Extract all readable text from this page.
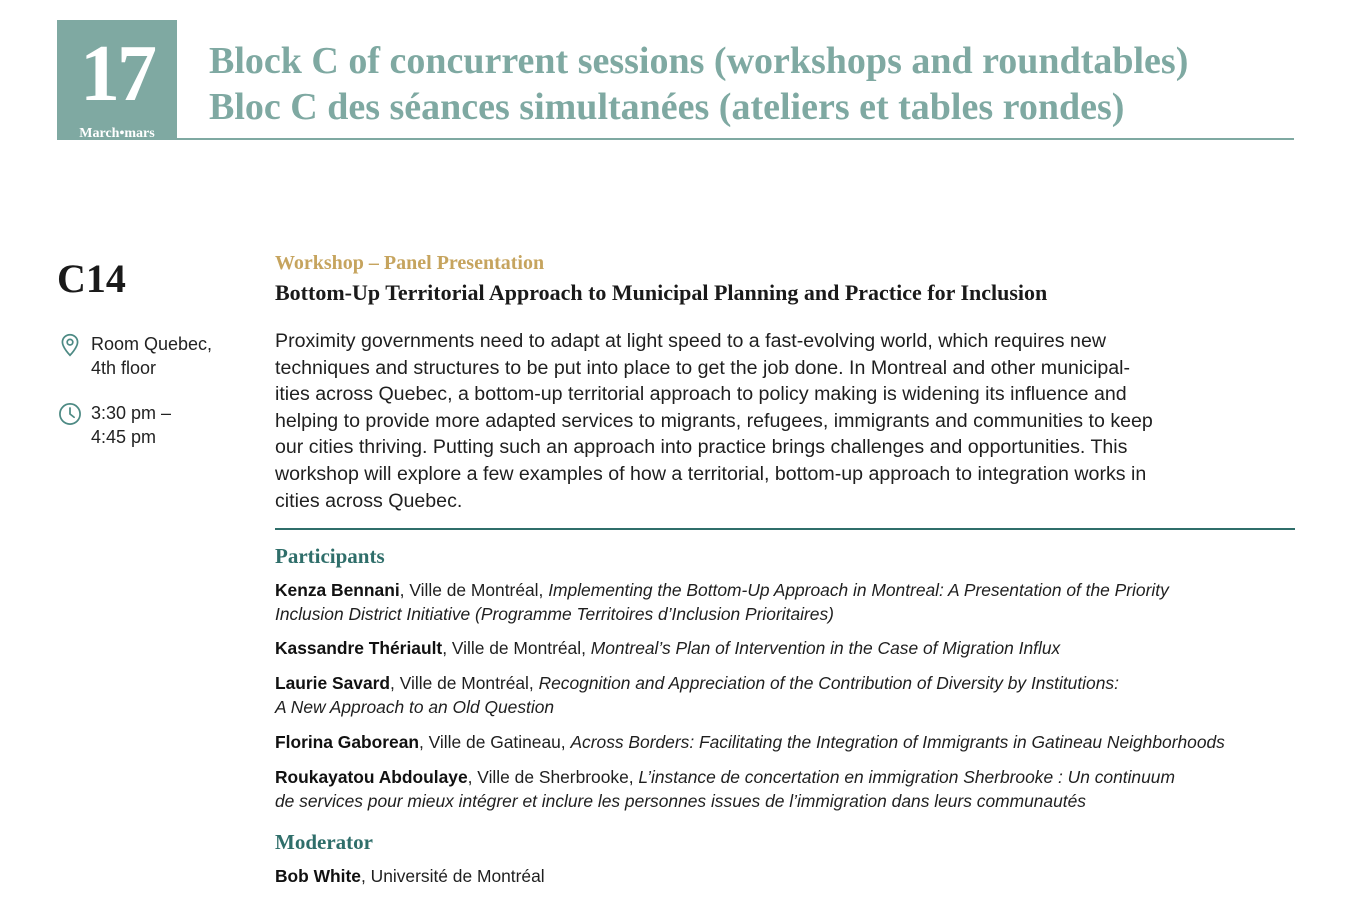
17
March•mars
Block C of concurrent sessions (workshops and roundtables)
Bloc C des séances simultanées (ateliers et tables rondes)
C14
Room Quebec,
4th floor
3:30 pm –
4:45 pm
Workshop – Panel Presentation
Bottom-Up Territorial Approach to Municipal Planning and Practice for Inclusion
Proximity governments need to adapt at light speed to a fast-evolving world, which requires new
techniques and structures to be put into place to get the job done. In Montreal and other municipal-
ities across Quebec, a bottom-up territorial approach to policy making is widening its influence and
helping to provide more adapted services to migrants, refugees, immigrants and communities to keep
our cities thriving. Putting such an approach into practice brings challenges and opportunities. This
workshop will explore a few examples of how a territorial, bottom-up approach to integration works in
cities across Quebec.
Participants
Kenza Bennani, Ville de Montréal, Implementing the Bottom-Up Approach in Montreal: A Presentation of the Priority
Inclusion District Initiative (Programme Territoires d’Inclusion Prioritaires)
Kassandre Thériault, Ville de Montréal, Montreal’s Plan of Intervention in the Case of Migration Influx
Laurie Savard, Ville de Montréal, Recognition and Appreciation of the Contribution of Diversity by Institutions:
A New Approach to an Old Question
Florina Gaborean, Ville de Gatineau, Across Borders: Facilitating the Integration of Immigrants in Gatineau Neighborhoods
Roukayatou Abdoulaye, Ville de Sherbrooke, L’instance de concertation en immigration Sherbrooke : Un continuum
de services pour mieux intégrer et inclure les personnes issues de l’immigration dans leurs communautés
Moderator
Bob White, Université de Montréal
